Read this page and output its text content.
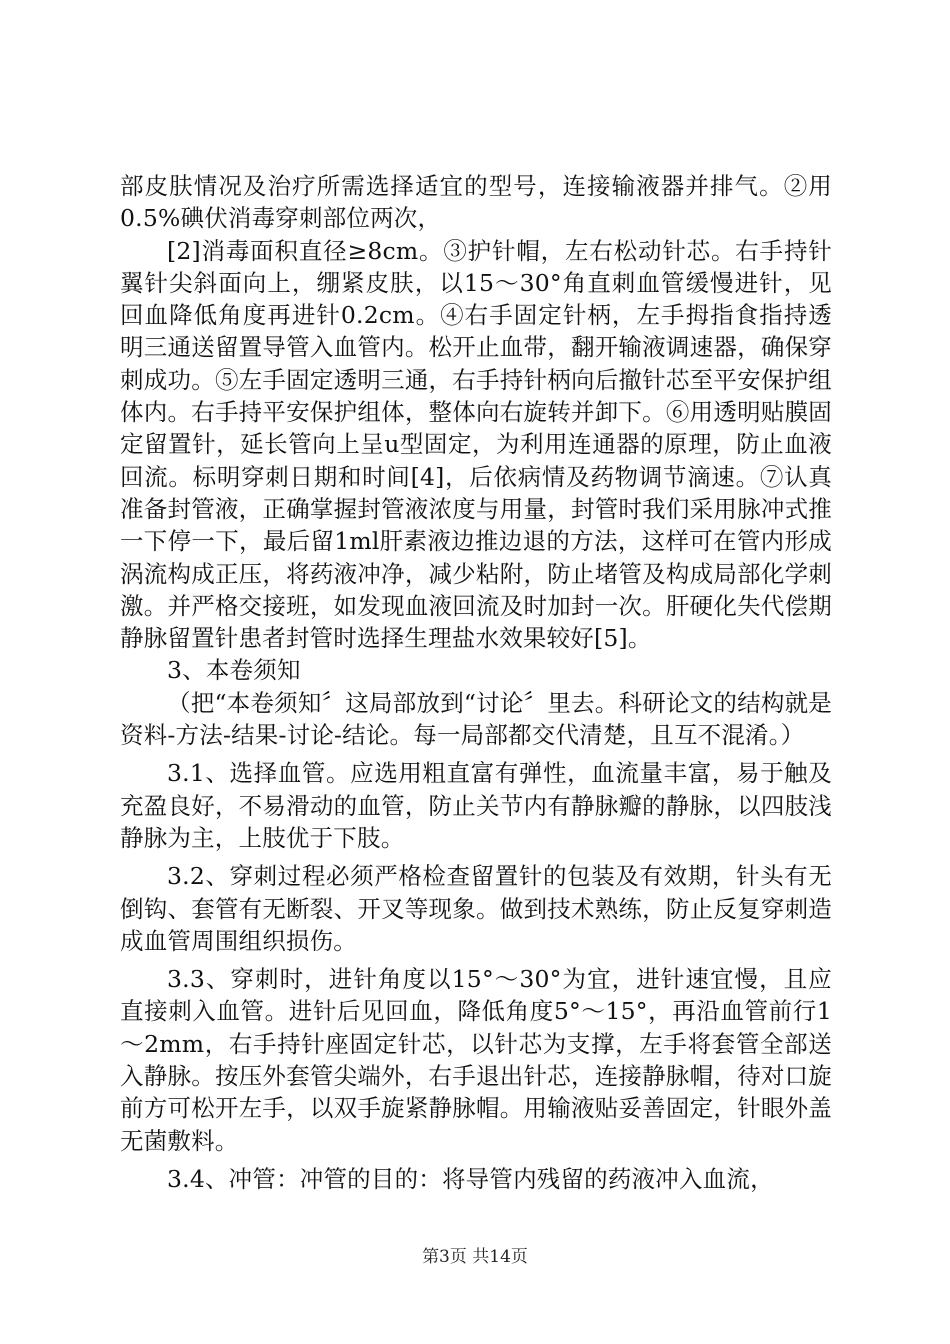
部皮肤情况及治疗所需选择适宜的型号，连接输液器并排气。②用0.5%碘伏消毒穿刺部位两次，

[2]消毒面积直径≥8cm。③护针帽，左右松动针芯。右手持针翼针尖斜面向上，绷紧皮肤，以15～30°角直刺血管缓慢进针，见回血降低角度再进针0.2cm。④右手固定针柄，左手拇指食指持透明三通送留置导管入血管内。松开止血带，翻开输液调速器，确保穿刺成功。⑤左手固定透明三通，右手持针柄向后撤针芯至平安保护组体内。右手持平安保护组体，整体向右旋转并卸下。⑥用透明贴膜固定留置针，延长管向上呈u型固定，为利用连通器的原理，防止血液回流。标明穿刺日期和时间[4]，后依病情及药物调节滴速。⑦认真准备封管液，正确掌握封管液浓度与用量，封管时我们采用脉冲式推一下停一下，最后留1ml肝素液边推边退的方法，这样可在管内形成涡流构成正压，将药液冲净，减少粘附，防止堵管及构成局部化学刺激。并严格交接班，如发现血液回流及时加封一次。肝硬化失代偿期静脉留置针患者封管时选择生理盐水效果较好[5]。

3、本卷须知

（把“本卷须知〞这局部放到“讨论〞里去。科研论文的结构就是资料-方法-结果-讨论-结论。每一局部都交代清楚，且互不混淆。）

3.1、选择血管。应选用粗直富有弹性，血流量丰富，易于触及充盈良好，不易滑动的血管，防止关节内有静脉瓣的静脉，以四肢浅静脉为主，上肢优于下肢。

3.2、穿刺过程必须严格检查留置针的包装及有效期，针头有无倒钩、套管有无断裂、开叉等现象。做到技术熟练，防止反复穿刺造成血管周围组织损伤。

3.3、穿刺时，进针角度以15°～30°为宜，进针速宜慢，且应直接刺入血管。进针后见回血，降低角度5°～15°，再沿血管前行1～2mm，右手持针座固定针芯，以针芯为支撑，左手将套管全部送入静脉。按压外套管尖端外，右手退出针芯，连接静脉帽，待对口旋前方可松开左手，以双手旋紧静脉帽。用输液贴妥善固定，针眼外盖无菌敷料。

3.4、冲管：冲管的目的：将导管内残留的药液冲入血流，

第3页 共14页
